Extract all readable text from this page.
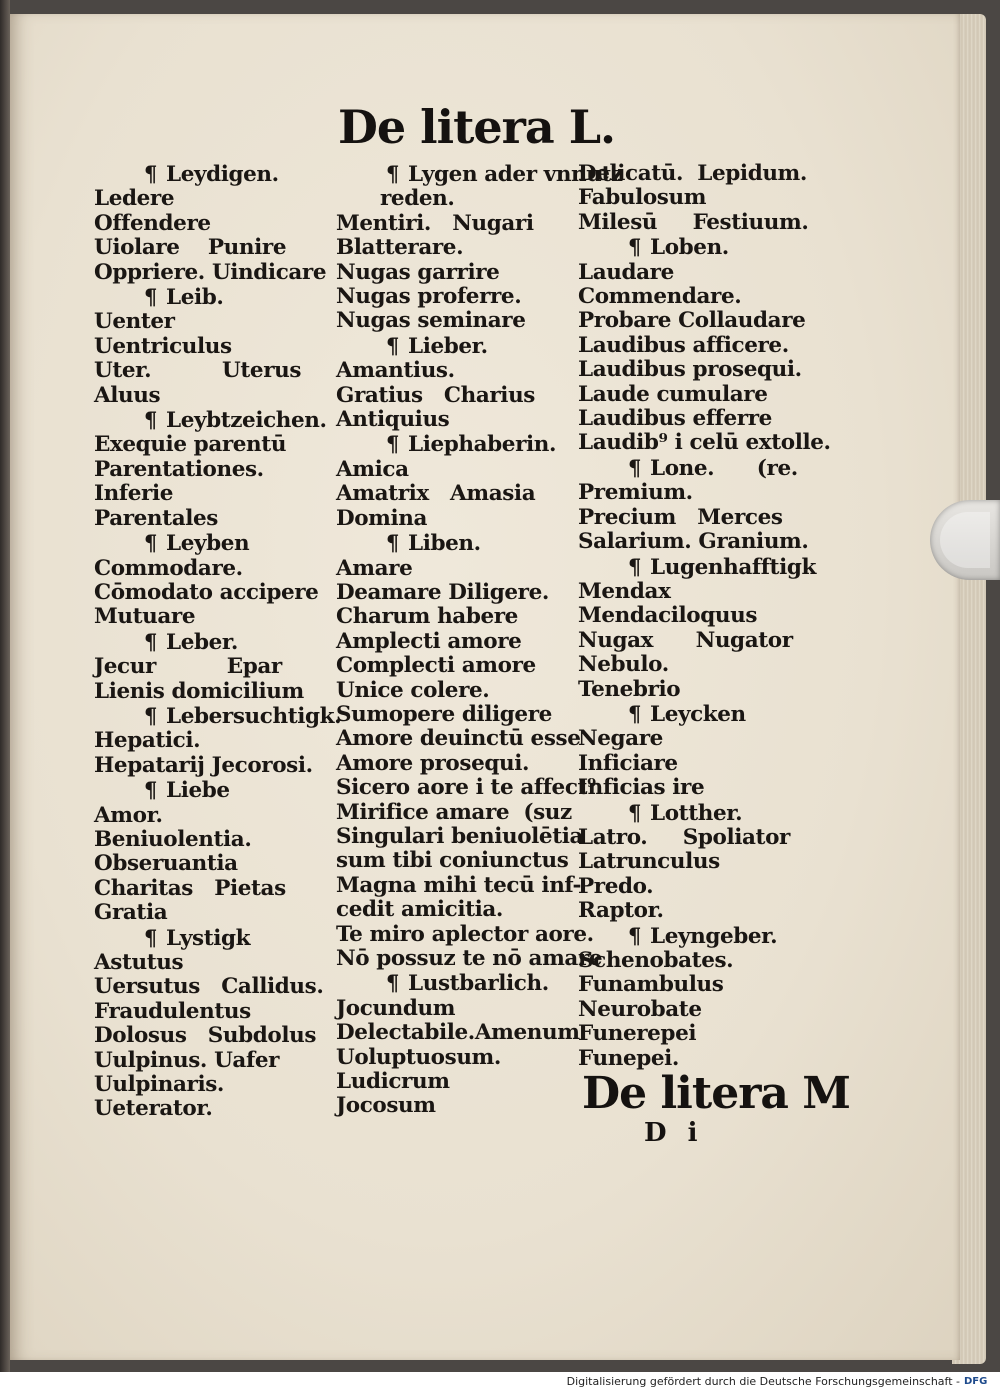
De litera L.
¶ Leydigen.
Ledere
Offendere
Uiolare    Punire
Oppriere. Uindicare
¶ Leib.
Uenter
Uentriculus
Uter.          Uterus
Aluus
¶ Leybtzeichen.
Exequie parentū
Parentationes.
Inferie
Parentales
¶ Leyben
Commodare.
Cōmodato accipere
Mutuare
¶ Leber.
Jecur          Epar
Lienis domicilium
¶ Lebersuchtigk.
Hepatici.
Hepatarij Jecorosi.
¶ Liebe
Amor.
Beniuolentia.
Obseruantia
Charitas   Pietas
Gratia
¶ Lystigk
Astutus
Uersutus   Callidus.
Fraudulentus
Dolosus   Subdolus
Uulpinus. Uafer
Uulpinaris.
Ueterator.
¶ Lygen ader vnnutz
reden.
Mentiri.   Nugari
Blatterare.
Nugas garrire
Nugas proferre.
Nugas seminare
¶ Lieber.
Amantius.
Gratius   Charius
Antiquius
¶ Liephaberin.
Amica
Amatrix   Amasia
Domina
¶ Liben.
Amare
Deamare Diligere.
Charum habere
Amplecti amore
Complecti amore
Unice colere.
Sumopere diligere
Amore deuinctū esse
Amore prosequi.
Sicero aore i te affect⁹
Mirifice amare  (suz
Singulari beniuolētia
sum tibi coniunctus
Magna mihi tecū inf-
cedit amicitia.
Te miro aplector aore.
Nō possuz te nō amare
¶ Lustbarlich.
Jocundum
Delectabile.Amenum
Uoluptuosum.
Ludicrum
Jocosum
Delicatū.  Lepidum.
Fabulosum
Milesū     Festiuum.
¶ Loben.
Laudare
Commendare.
Probare Collaudare
Laudibus afficere.
Laudibus prosequi.
Laude cumulare
Laudibus efferre
Laudib⁹ i celū extolle.
¶ Lone.      (re.
Premium.
Precium   Merces
Salarium. Granium.
¶ Lugenhafftigk
Mendax
Mendaciloquus
Nugax      Nugator
Nebulo.
Tenebrio
¶ Leycken
Negare
Inficiare
Inficias ire
¶ Lotther.
Latro.     Spoliator
Latrunculus
Predo.
Raptor.
¶ Leyngeber.
Schenobates.
Funambulus
Neurobate
Funerepei
Funepei.
De litera M
D i
Digitalisierung gefördert durch die Deutsche Forschungsgemeinschaft - DFG
